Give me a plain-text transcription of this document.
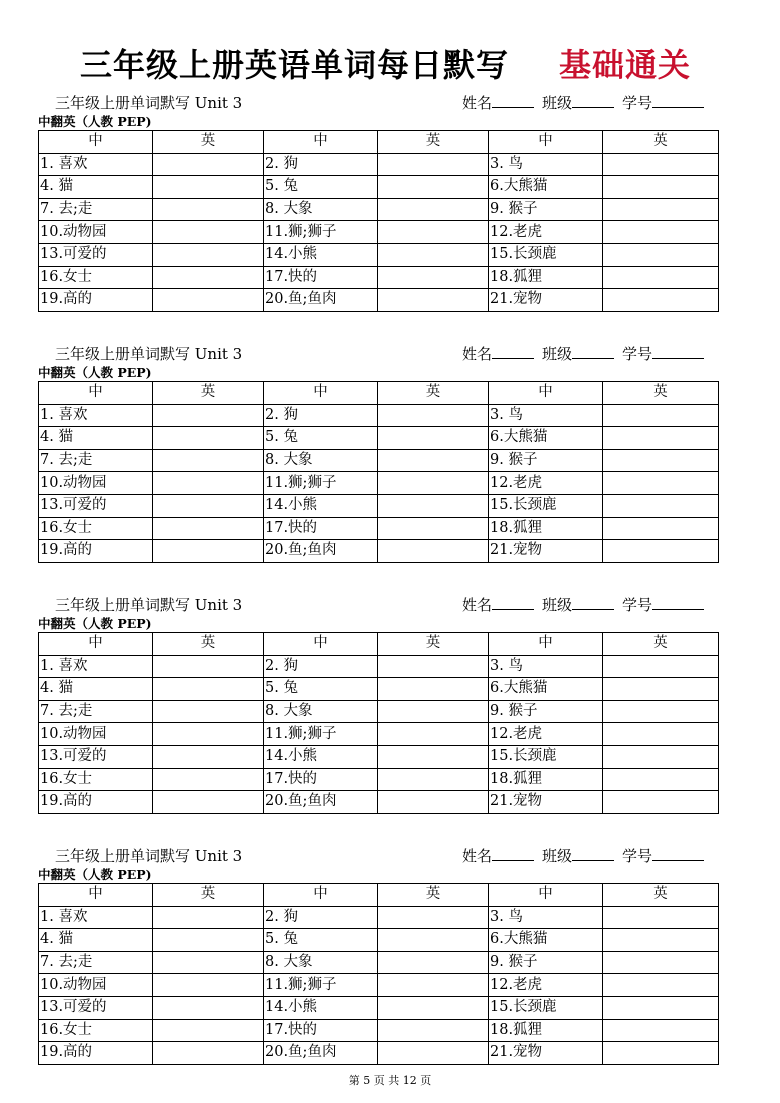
三年级上册英语单词每日默写 基础通关
三年级上册单词默写 Unit 3	姓名	班级	学号
中翻英（人教 PEP)
中	英	中	英	中	英
1. 喜欢		2. 狗		3. 鸟	
4. 猫		5. 兔		6.大熊猫	
7. 去;走		8. 大象		9. 猴子	
10.动物园		11.狮;狮子		12.老虎	
13.可爱的		14.小熊		15.长颈鹿	
16.女士		17.快的		18.狐狸	
19.高的		20.鱼;鱼肉		21.宠物	
三年级上册单词默写 Unit 3	姓名	班级	学号
中翻英（人教 PEP)
中	英	中	英	中	英
1. 喜欢		2. 狗		3. 鸟	
4. 猫		5. 兔		6.大熊猫	
7. 去;走		8. 大象		9. 猴子	
10.动物园		11.狮;狮子		12.老虎	
13.可爱的		14.小熊		15.长颈鹿	
16.女士		17.快的		18.狐狸	
19.高的		20.鱼;鱼肉		21.宠物	
三年级上册单词默写 Unit 3	姓名	班级	学号
中翻英（人教 PEP)
中	英	中	英	中	英
1. 喜欢		2. 狗		3. 鸟	
4. 猫		5. 兔		6.大熊猫	
7. 去;走		8. 大象		9. 猴子	
10.动物园		11.狮;狮子		12.老虎	
13.可爱的		14.小熊		15.长颈鹿	
16.女士		17.快的		18.狐狸	
19.高的		20.鱼;鱼肉		21.宠物	
三年级上册单词默写 Unit 3	姓名	班级	学号
中翻英（人教 PEP)
中	英	中	英	中	英
1. 喜欢		2. 狗		3. 鸟	
4. 猫		5. 兔		6.大熊猫	
7. 去;走		8. 大象		9. 猴子	
10.动物园		11.狮;狮子		12.老虎	
13.可爱的		14.小熊		15.长颈鹿	
16.女士		17.快的		18.狐狸	
19.高的		20.鱼;鱼肉		21.宠物	
第 5 页 共 12 页
